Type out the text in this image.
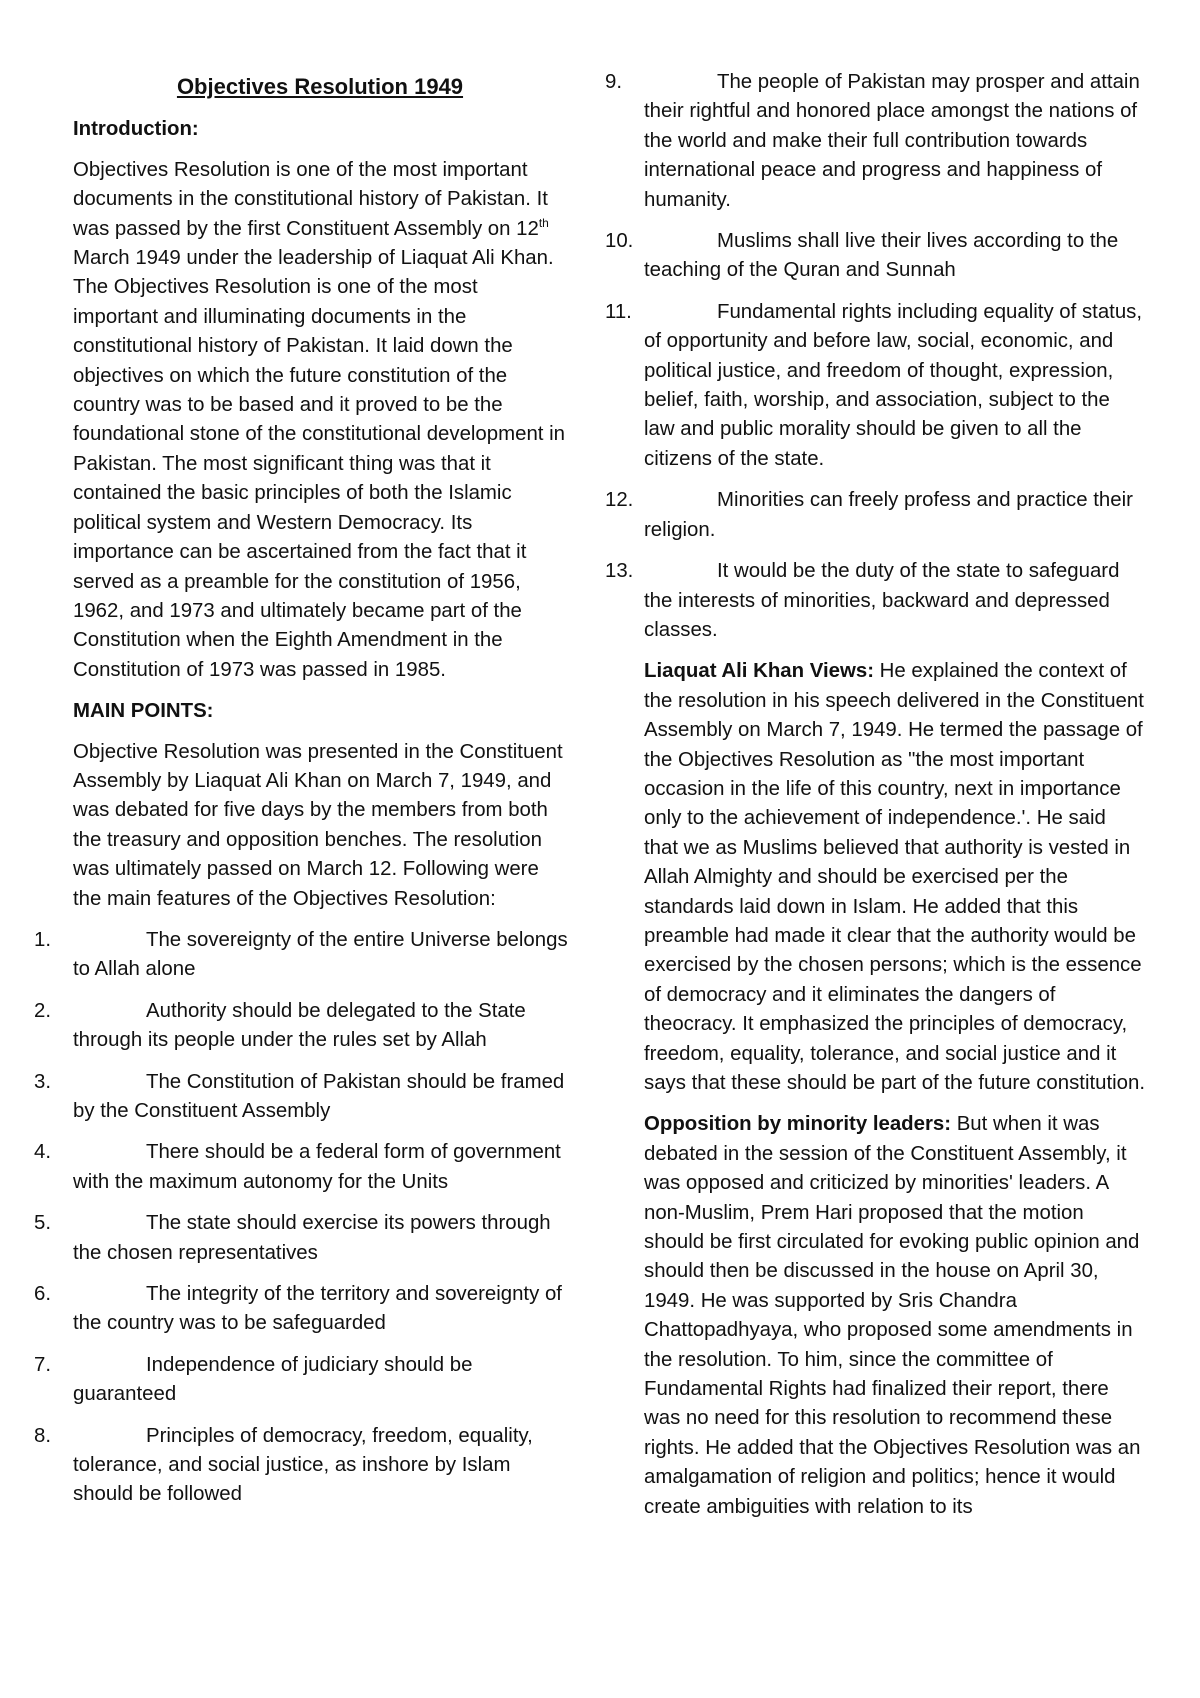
Objectives Resolution 1949
Introduction:
Objectives Resolution is one of the most important documents in the constitutional history of Pakistan. It was passed by the first Constituent Assembly on 12th March 1949 under the leadership of Liaquat Ali Khan. The Objectives Resolution is one of the most important and illuminating documents in the constitutional history of Pakistan. It laid down the objectives on which the future constitution of the country was to be based and it proved to be the foundational stone of the constitutional development in Pakistan. The most significant thing was that it contained the basic principles of both the Islamic political system and Western Democracy. Its importance can be ascertained from the fact that it served as a preamble for the constitution of 1956, 1962, and 1973 and ultimately became part of the Constitution when the Eighth Amendment in the Constitution of 1973 was passed in 1985.
MAIN POINTS:
Objective Resolution was presented in the Constituent Assembly by Liaquat Ali Khan on March 7, 1949, and was debated for five days by the members from both the treasury and opposition benches. The resolution was ultimately passed on March 12. Following were the main features of the Objectives Resolution:
1.	The sovereignty of the entire Universe belongs to Allah alone
2.	Authority should be delegated to the State through its people under the rules set by Allah
3.	The Constitution of Pakistan should be framed by the Constituent Assembly
4.	There should be a federal form of government with the maximum autonomy for the Units
5.	The state should exercise its powers through the chosen representatives
6.	The integrity of the territory and sovereignty of the country was to be safeguarded
7.	Independence of judiciary should be guaranteed
8.	Principles of democracy, freedom, equality, tolerance, and social justice, as inshore by Islam should be followed
9.	The people of Pakistan may prosper and attain their rightful and honored place amongst the nations of the world and make their full contribution towards international peace and progress and happiness of humanity.
10.	Muslims shall live their lives according to the teaching of the Quran and Sunnah
11.	Fundamental rights including equality of status, of opportunity and before law, social, economic, and political justice, and freedom of thought, expression, belief, faith, worship, and association, subject to the law and public morality should be given to all the citizens of the state.
12.	Minorities can freely profess and practice their religion.
13.	It would be the duty of the state to safeguard the interests of minorities, backward and depressed classes.
Liaquat Ali Khan Views: He explained the context of the resolution in his speech delivered in the Constituent Assembly on March 7, 1949. He termed the passage of the Objectives Resolution as "the most important occasion in the life of this country, next in importance only to the achievement of independence.'. He said that we as Muslims believed that authority is vested in Allah Almighty and should be exercised per the standards laid down in Islam. He added that this preamble had made it clear that the authority would be exercised by the chosen persons; which is the essence of democracy and it eliminates the dangers of theocracy. It emphasized the principles of democracy, freedom, equality, tolerance, and social justice and it says that these should be part of the future constitution.
Opposition by minority leaders: But when it was debated in the session of the Constituent Assembly, it was opposed and criticized by minorities' leaders. A non-Muslim, Prem Hari proposed that the motion should be first circulated for evoking public opinion and should then be discussed in the house on April 30, 1949. He was supported by Sris Chandra Chattopadhyaya, who proposed some amendments in the resolution. To him, since the committee of Fundamental Rights had finalized their report, there was no need for this resolution to recommend these rights. He added that the Objectives Resolution was an amalgamation of religion and politics; hence it would create ambiguities with relation to its
